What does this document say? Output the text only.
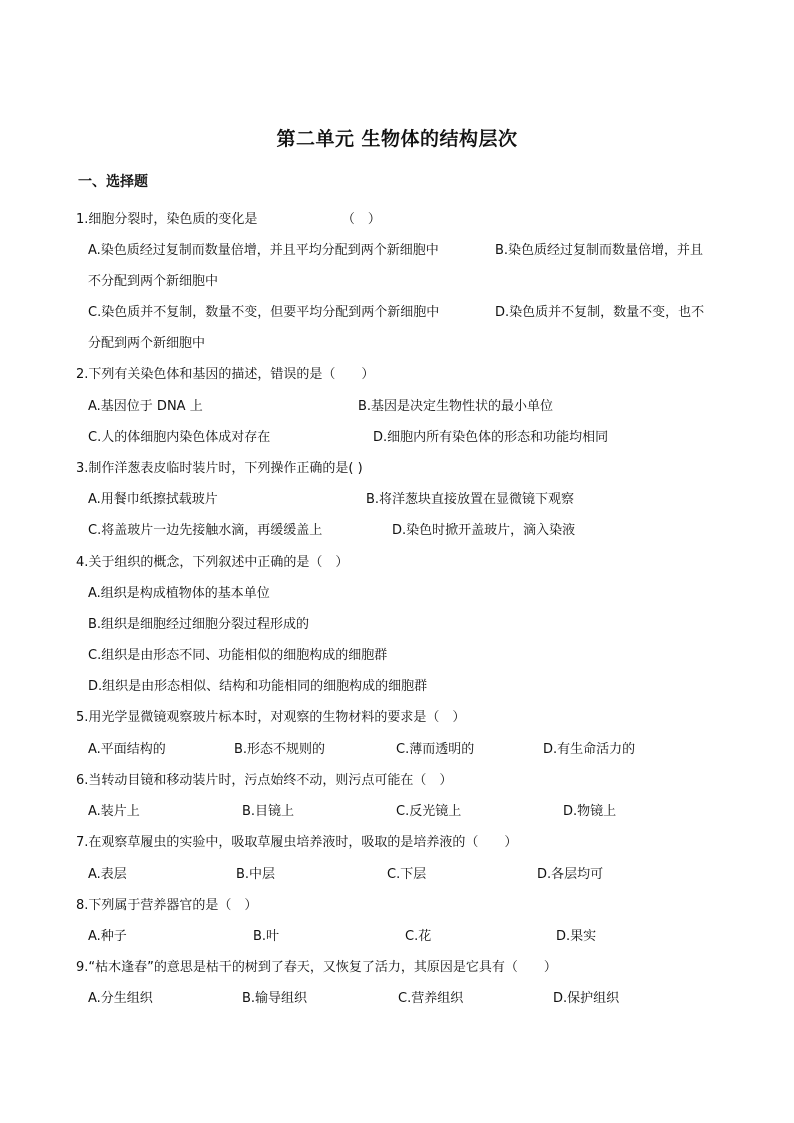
第二单元 生物体的结构层次
一、选择题
1.细胞分裂时，染色质的变化是　　　　　　　（　）
A.染色质经过复制而数量倍增，并且平均分配到两个新细胞中	B.染色质经过复制而数量倍增，并且
不分配到两个新细胞中
C.染色质并不复制，数量不变，但要平均分配到两个新细胞中	D.染色质并不复制，数量不变，也不
分配到两个新细胞中
2.下列有关染色体和基因的描述，错误的是（　　）
A.基因位于 DNA 上	B.基因是决定生物性状的最小单位
C.人的体细胞内染色体成对存在	D.细胞内所有染色体的形态和功能均相同
3.制作洋葱表皮临时装片时，下列操作正确的是( )
A.用餐巾纸擦拭载玻片	B.将洋葱块直接放置在显微镜下观察
C.将盖玻片一边先接触水滴，再缓缓盖上	D.染色时掀开盖玻片，滴入染液
4.关于组织的概念，下列叙述中正确的是（　）
A.组织是构成植物体的基本单位
B.组织是细胞经过细胞分裂过程形成的
C.组织是由形态不同、功能相似的细胞构成的细胞群
D.组织是由形态相似、结构和功能相同的细胞构成的细胞群
5.用光学显微镜观察玻片标本时，对观察的生物材料的要求是（　）
A.平面结构的	B.形态不规则的	C.薄而透明的	D.有生命活力的
6.当转动目镜和移动装片时，污点始终不动，则污点可能在（　）
A.装片上	B.目镜上	C.反光镜上	D.物镜上
7.在观察草履虫的实验中，吸取草履虫培养液时，吸取的是培养液的（　　）
A.表层	B.中层	C.下层	D.各层均可
8.下列属于营养器官的是（　）
A.种子	B.叶	C.花	D.果实
9.“枯木逢春”的意思是枯干的树到了春天，又恢复了活力，其原因是它具有（　　）
A.分生组织	B.输导组织	C.营养组织	D.保护组织
